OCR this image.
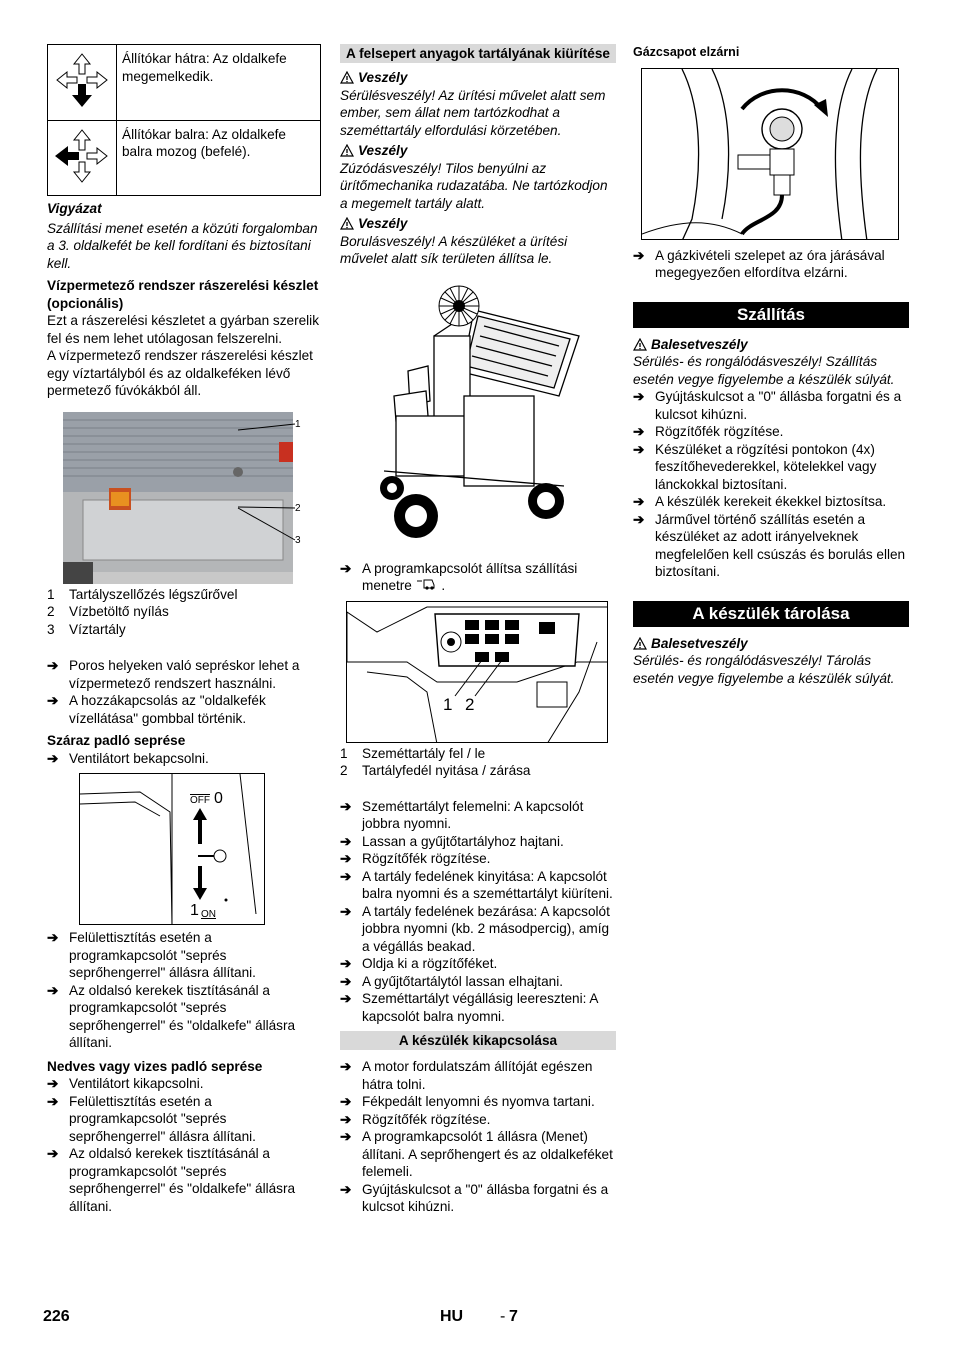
	Állítókar hátra: Az oldalkefe megemelkedik.
	Állítókar balra: Az oldalkefe balra mozog (befelé).

Vigyázat

Szállítási menet esetén a közúti forgalomban a 3. oldalkefét be kell fordítani és biztosítani kell.

Vízpermetező rendszer rászerelési készlet (opcionális)

Ezt a rászerelési készletet a gyárban szerelik fel és nem lehet utólagosan felszerelni.

A vízpermetező rendszer rászerelési készlet egy víztartályból és az oldalkeféken lévő permetező fúvókákból áll.

1
2
3
1	Tartályszellőzés légszűrővel
2	Vízbetöltő nyílás
3	Víztartály
➔ Poros helyeken való sepréskor lehet a vízpermetező rendszert használni.
➔ A hozzákapcsolás az "oldalkefék vízellátása" gombbal történik.

Száraz padló seprése

➔ Ventilátort bekapcsolni.
$\overline{OFF}$ 0
1 ON
➔ Felülettisztítás esetén a programkapcsolót "seprés seprőhengerrel" állásra állítani.
➔ Az oldalsó kerekek tisztításánál a programkapcsolót "seprés seprőhengerrel" és "oldalkefe" állásra állítani.

Nedves vagy vizes padló seprése

➔ Ventilátort kikapcsolni.
➔ Felülettisztítás esetén a programkapcsolót "seprés seprőhengerrel" állásra állítani.
➔ Az oldalsó kerekek tisztításánál a programkapcsolót "seprés seprőhengerrel" és "oldalkefe" állásra állítani.
A felsepert anyagok tartályának kiürítése
Veszély

Sérülésveszély! Az ürítési művelet alatt sem ember, sem állat nem tartózkodhat a szeméttartály elfordulási körzetében.

Veszély

Zúzódásveszély! Tilos benyúlni az ürítőmechanika rudazatába. Ne tartózkodjon a megemelt tartály alatt.

Veszély

Borulásveszély! A készüléket a ürítési művelet alatt sík területen állítsa le.

➔ A programkapcsolót állítsa szállítási menetre  .
1 2
1	Szeméttartály fel / le
2	Tartályfedél nyitása / zárása
➔ Szeméttartályt felemelni: A kapcsolót jobbra nyomni.
➔ Lassan a gyűjtőtartályhoz hajtani.
➔ Rögzítőfék rögzítése.
➔ A tartály fedelének kinyitása: A kapcsolót balra nyomni és a szeméttartályt kiüríteni.
➔ A tartály fedelének bezárása: A kapcsolót jobbra nyomni (kb. 2 másodpercig), amíg a végállás beakad.
➔ Oldja ki a rögzítőféket.
➔ A gyűjtőtartálytól lassan elhajtani.
➔ Szeméttartályt végállásig leereszteni: A kapcsolót balra nyomni.
A készülék kikapcsolása
➔ A motor fordulatszám állítóját egészen hátra tolni.
➔ Fékpedált lenyomni és nyomva tartani.
➔ Rögzítőfék rögzítése.
➔ A programkapcsolót 1 állásra (Menet) állítani. A seprőhengert és az oldalkeféket felemeli.
➔ Gyújtáskulcsot a "0" állásba forgatni és a kulcsot kihúzni.

Gázcsapot elzárni

➔ A gázkivételi szelepet az óra járásával megegyezően elfordítva elzárni.
Szállítás
Balesetveszély

Sérülés- és rongálódásveszély! Szállítás esetén vegye figyelembe a készülék súlyát.

➔ Gyújtáskulcsot a "0" állásba forgatni és a kulcsot kihúzni.
➔ Rögzítőfék rögzítése.
➔ Készüléket a rögzítési pontokon (4x) feszítőhevederekkel, kötelekkel vagy lánckokkal biztosítani.
➔ A készülék kerekeit ékekkel biztosítsa.
➔ Járművel történő szállítás esetén a készüléket az adott irányelveknek megfelelően kell csúszás és borulás ellen biztosítani.
A készülék tárolása
Balesetveszély

Sérülés- és rongálódásveszély! Tárolás esetén vegye figyelembe a készülék súlyát.

226	HU - 7
